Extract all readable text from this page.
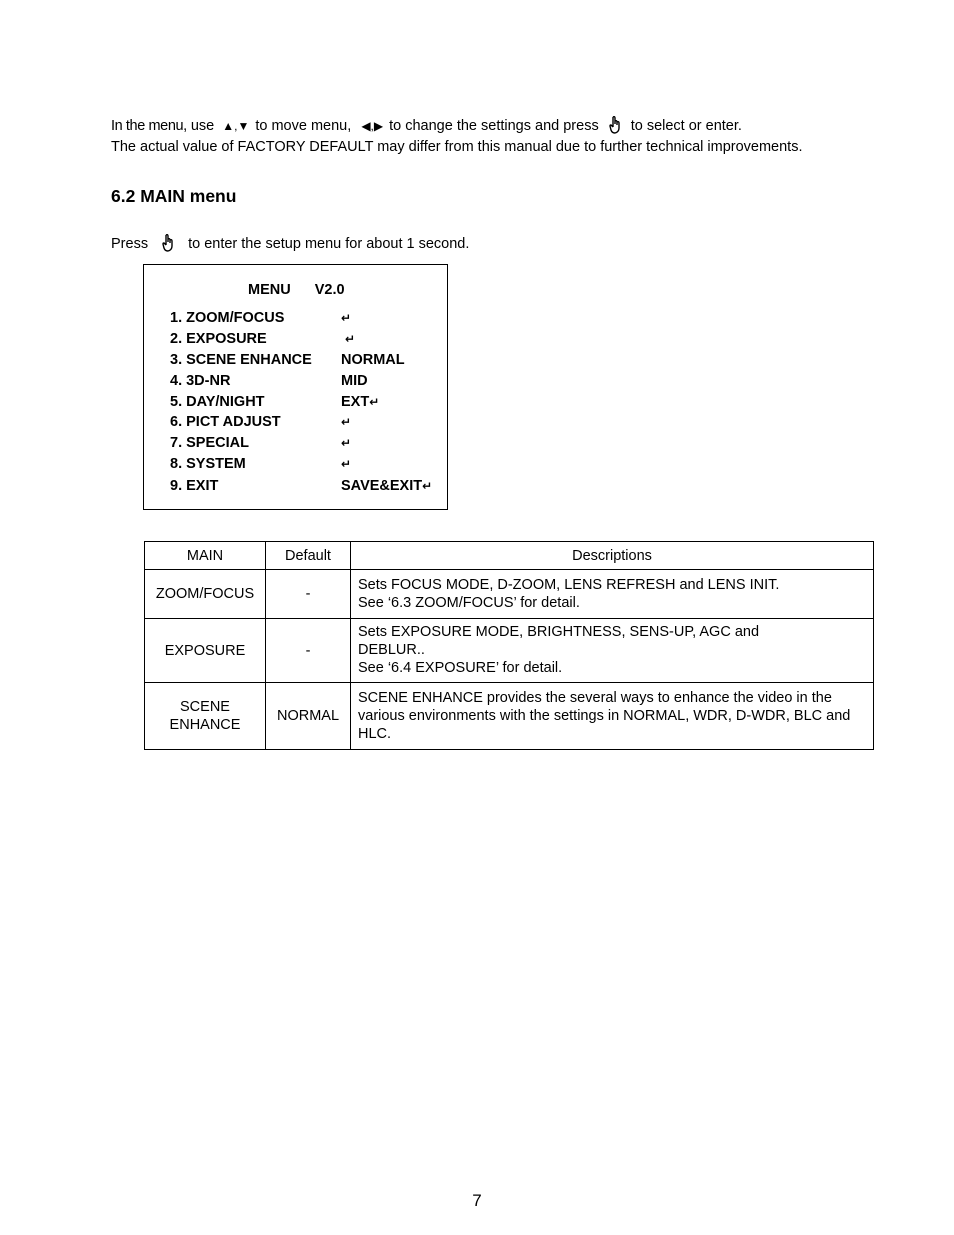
In the menu, use ▲,▼ to move menu, ◀,▶ to change the settings and press to select or enter.
The actual value of FACTORY DEFAULT may differ from this manual due to further technical improvements.
6.2 MAIN menu
Press	to enter the setup menu for about 1 second.
MENU V2.0
1. ZOOM/FOCUS	↵
2. EXPOSURE	↵
3. SCENE ENHANCE NORMAL
4. 3D-NR	MID
5. DAY/NIGHT	EXT↵
6. PICT ADJUST	↵
7. SPECIAL	↵
8. SYSTEM	↵
9. EXIT	SAVE&EXIT↵
MAIN	Default	Descriptions
ZOOM/FOCUS	-	Sets FOCUS MODE, D-ZOOM, LENS REFRESH and LENS INIT.
See ‘6.3 ZOOM/FOCUS’ for detail.

EXPOSURE	-	Sets EXPOSURE MODE, BRIGHTNESS, SENS-UP, AGC and DEBLUR..
See ‘6.4 EXPOSURE’ for detail.

SCENE ENHANCE	NORMAL	SCENE ENHANCE provides the several ways to enhance the video in the various environments with the settings in NORMAL, WDR, D-WDR, BLC and HLC.
7
